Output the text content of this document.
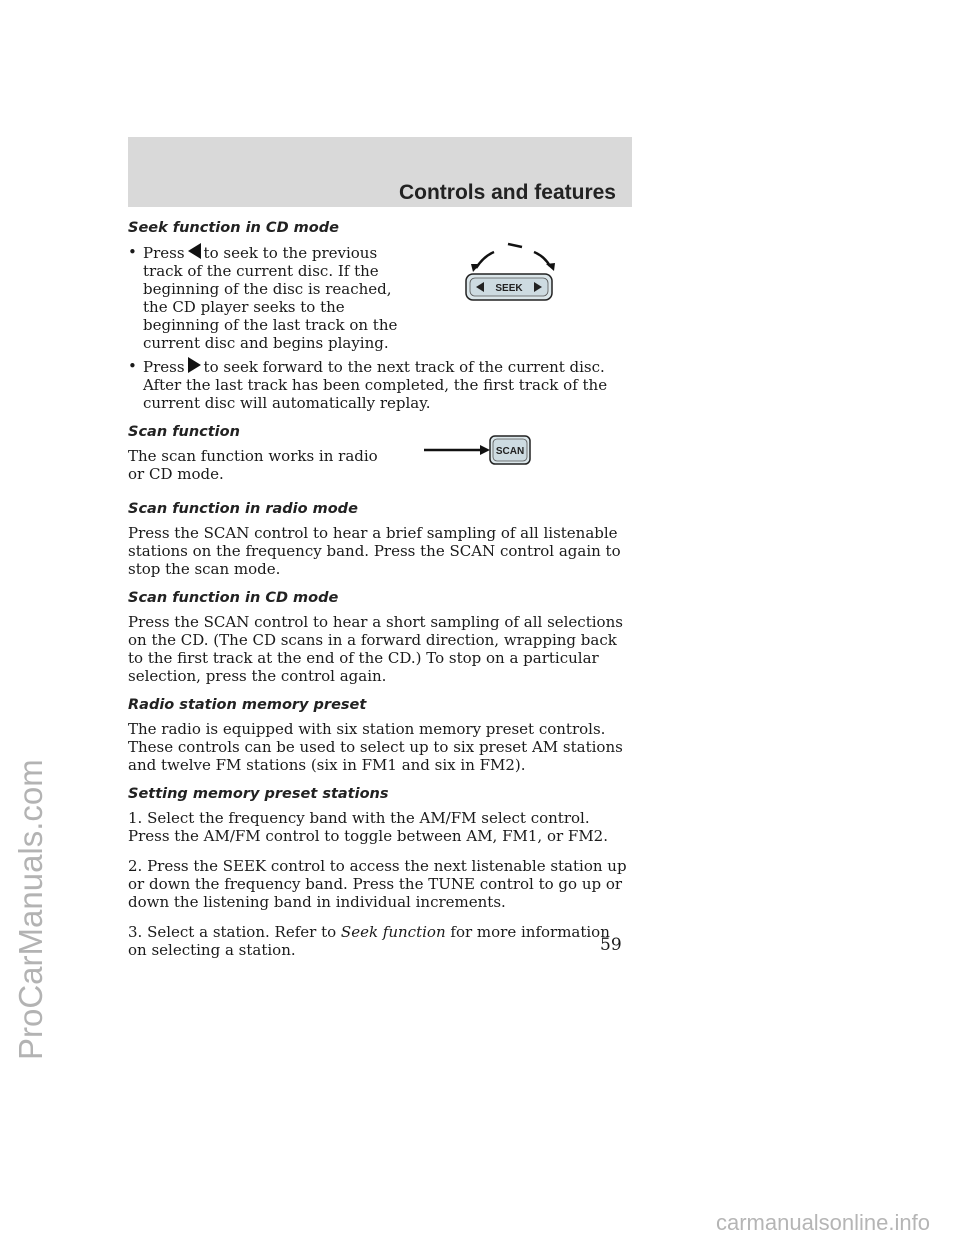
Controls and features
SEEK
SCAN
Seek function in CD mode
• Press to seek to the previous track of the current disc. If the beginning of the disc is reached, the CD player seeks to the beginning of the last track on the current disc and begins playing.
• Press to seek forward to the next track of the current disc. After the last track has been completed, the first track of the current disc will automatically replay.
Scan function

The scan function works in radio or CD mode.

Scan function in radio mode

Press the SCAN control to hear a brief sampling of all listenable stations on the frequency band. Press the SCAN control again to stop the scan mode.

Scan function in CD mode

Press the SCAN control to hear a short sampling of all selections on the CD. (The CD scans in a forward direction, wrapping back to the first track at the end of the CD.) To stop on a particular selection, press the control again.

Radio station memory preset

The radio is equipped with six station memory preset controls. These controls can be used to select up to six preset AM stations and twelve FM stations (six in FM1 and six in FM2).

Setting memory preset stations

1. Select the frequency band with the AM/FM select control. Press the AM/FM control to toggle between AM, FM1, or FM2.

2. Press the SEEK control to access the next listenable station up or down the frequency band. Press the TUNE control to go up or down the listening band in individual increments.

3. Select a station. Refer to Seek function for more information on selecting a station.	59
ProCarManuals.com
carmanualsonline.info
